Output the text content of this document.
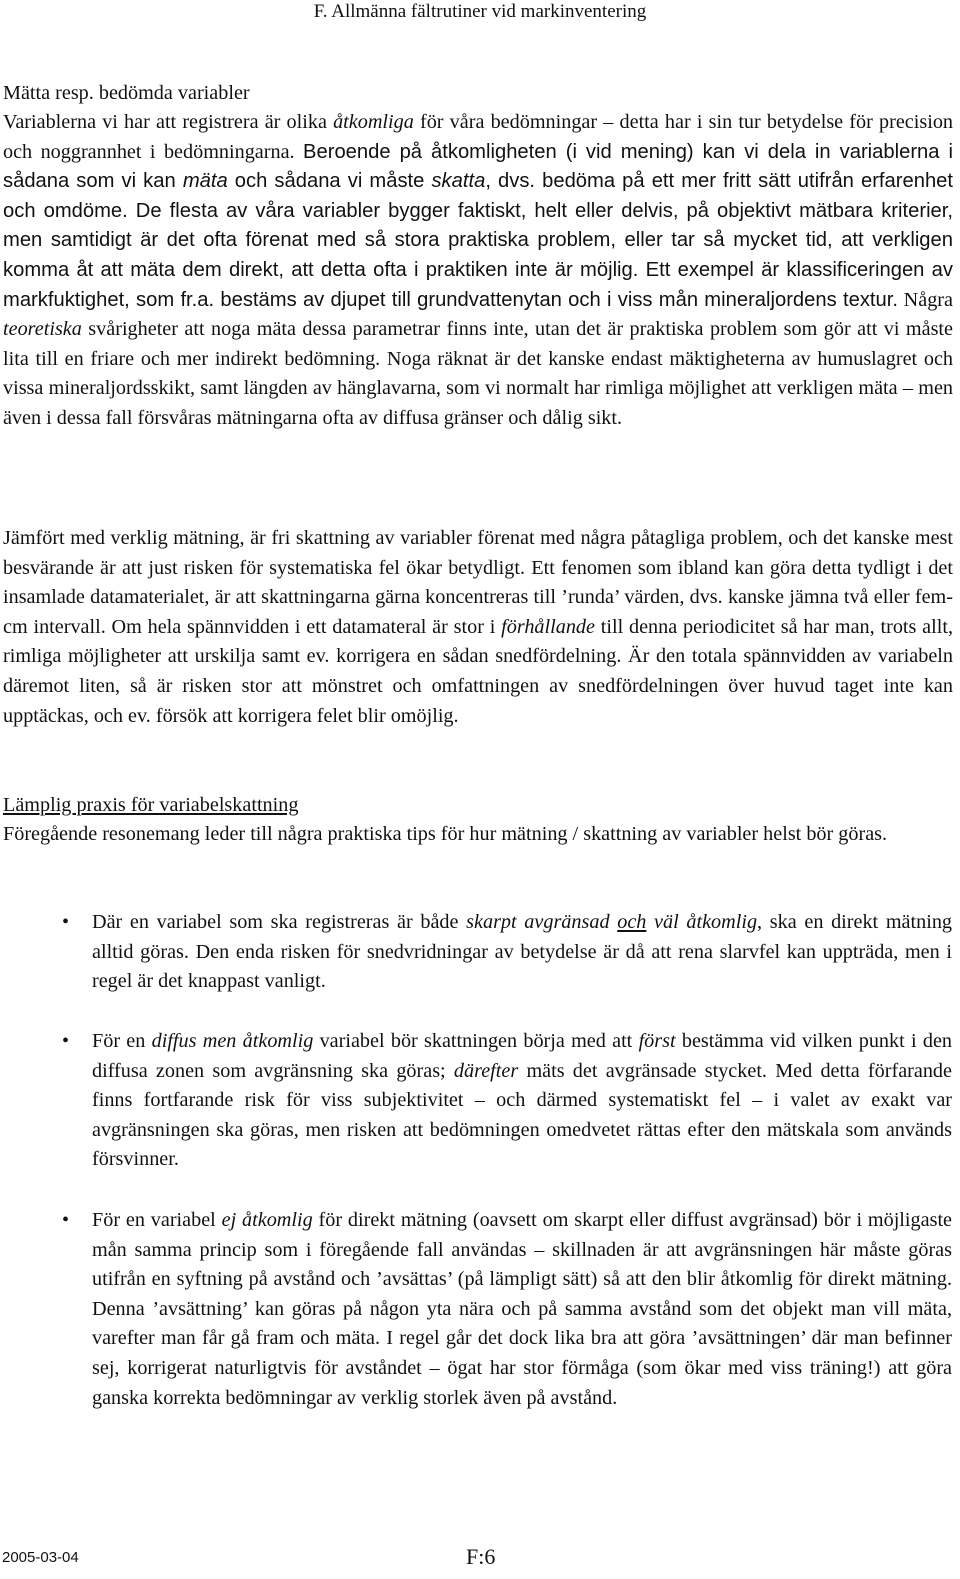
F. Allmänna fältrutiner vid markinventering
Mätta resp. bedömda variabler
Variablerna vi har att registrera är olika åtkomliga för våra bedömningar – detta har i sin tur betydelse för precision och noggrannhet i bedömningarna. Beroende på åtkomligheten (i vid mening) kan vi dela in variablerna i sådana som vi kan mäta och sådana vi måste skatta, dvs. bedöma på ett mer fritt sätt utifrån erfarenhet och omdöme. De flesta av våra variabler bygger faktiskt, helt eller delvis, på objektivt mätbara kriterier, men samtidigt är det ofta förenat med så stora praktiska problem, eller tar så mycket tid, att verkligen komma åt att mäta dem direkt, att detta ofta i praktiken inte är möjlig. Ett exempel är klassificeringen av markfuktighet, som fr.a. bestäms av djupet till grundvattenytan och i viss mån mineraljordens textur. Några teoretiska svårigheter att noga mäta dessa parametrar finns inte, utan det är praktiska problem som gör att vi måste lita till en friare och mer indirekt bedömning. Noga räknat är det kanske endast mäktigheterna av humuslagret och vissa mineraljordsskikt, samt längden av hänglavarna, som vi normalt har rimliga möjlighet att verkligen mäta – men även i dessa fall försvåras mätningarna ofta av diffusa gränser och dålig sikt.
Jämfört med verklig mätning, är fri skattning av variabler förenat med några påtagliga problem, och det kanske mest besvärande är att just risken för systematiska fel ökar betydligt. Ett fenomen som ibland kan göra detta tydligt i det insamlade datamaterialet, är att skattningarna gärna koncentreras till ’runda’ värden, dvs. kanske jämna två eller fem-cm intervall. Om hela spännvidden i ett datamateral är stor i förhållande till denna periodicitet så har man, trots allt, rimliga möjligheter att urskilja samt ev. korrigera en sådan snedfördelning. Är den totala spännvidden av variabeln däremot liten, så är risken stor att mönstret och omfattningen av snedfördelningen över huvud taget inte kan upptäckas, och ev. försök att korrigera felet blir omöjlig.
Lämplig praxis för variabelskattning
Föregående resonemang leder till några praktiska tips för hur mätning / skattning av variabler helst bör göras.
• Där en variabel som ska registreras är både skarpt avgränsad och väl åtkomlig, ska en direkt mätning alltid göras. Den enda risken för snedvridningar av betydelse är då att rena slarvfel kan uppträda, men i regel är det knappast vanligt.
• För en diffus men åtkomlig variabel bör skattningen börja med att först bestämma vid vilken punkt i den diffusa zonen som avgränsning ska göras; därefter mäts det avgränsade stycket. Med detta förfarande finns fortfarande risk för viss subjektivitet – och därmed systematiskt fel – i valet av exakt var avgränsningen ska göras, men risken att bedömningen omedvetet rättas efter den mätskala som används försvinner.
• För en variabel ej åtkomlig för direkt mätning (oavsett om skarpt eller diffust avgränsad) bör i möjligaste mån samma princip som i föregående fall användas – skillnaden är att avgränsningen här måste göras utifrån en syftning på avstånd och ’avsättas’ (på lämpligt sätt) så att den blir åtkomlig för direkt mätning. Denna ’avsättning’ kan göras på någon yta nära och på samma avstånd som det objekt man vill mäta, varefter man får gå fram och mäta. I regel går det dock lika bra att göra ’avsättningen’ där man befinner sej, korrigerat naturligtvis för avståndet – ögat har stor förmåga (som ökar med viss träning!) att göra ganska korrekta bedömningar av verklig storlek även på avstånd.
2005-03-04	F:6
